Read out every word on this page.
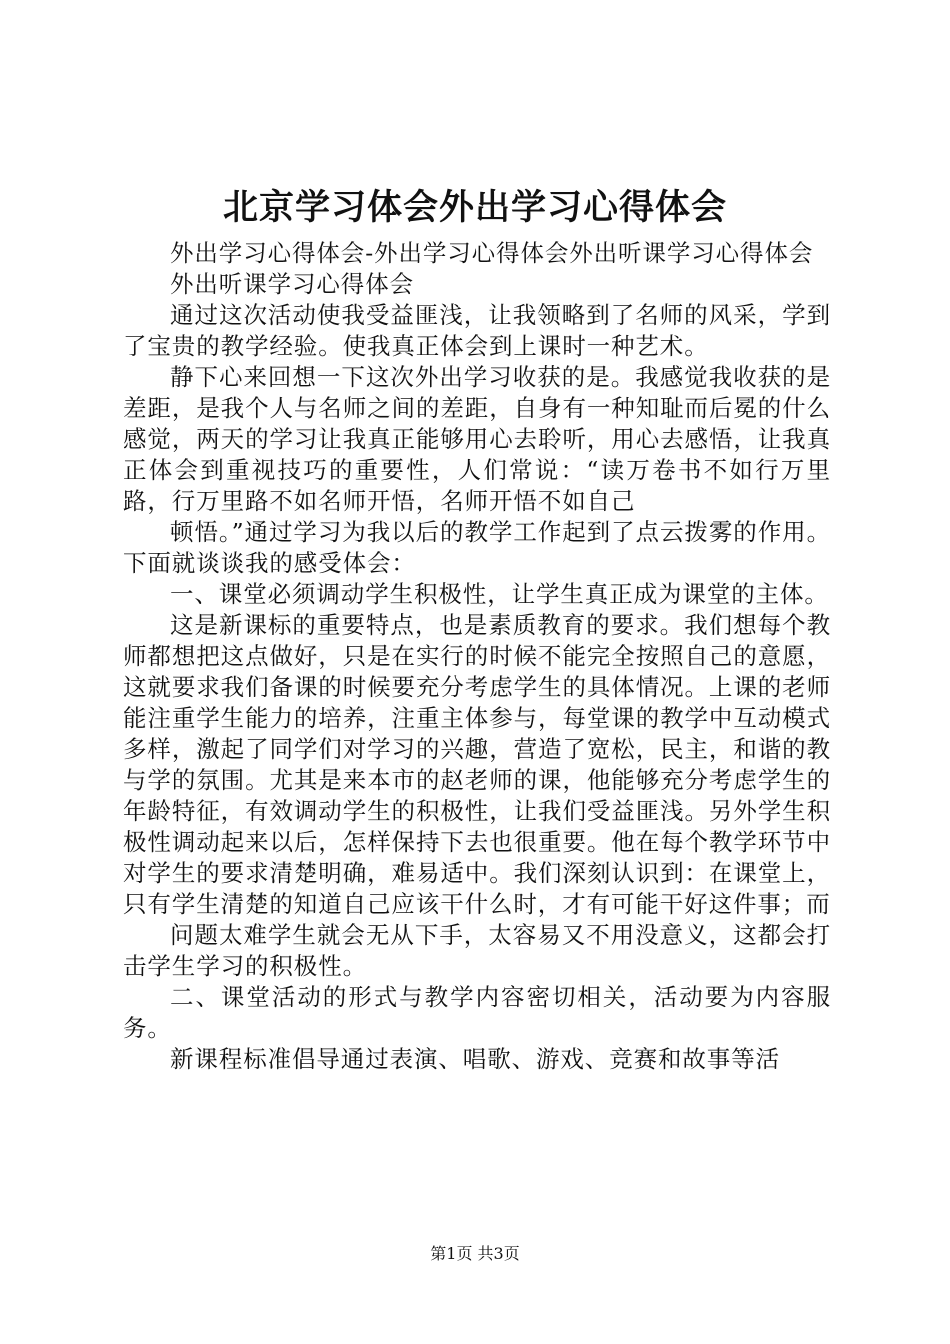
北京学习体会外出学习心得体会

外出学习心得体会-外出学习心得体会外出听课学习心得体会

外出听课学习心得体会

通过这次活动使我受益匪浅，让我领略到了名师的风采，学到了宝贵的教学经验。使我真正体会到上课时一种艺术。

静下心来回想一下这次外出学习收获的是。我感觉我收获的是差距，是我个人与名师之间的差距，自身有一种知耻而后冕的什么感觉，两天的学习让我真正能够用心去聆听，用心去感悟，让我真正体会到重视技巧的重要性，人们常说：“读万卷书不如行万里路，行万里路不如名师开悟，名师开悟不如自己

顿悟。”通过学习为我以后的教学工作起到了点云拨雾的作用。下面就谈谈我的感受体会：

一、课堂必须调动学生积极性，让学生真正成为课堂的主体。

这是新课标的重要特点，也是素质教育的要求。我们想每个教师都想把这点做好，只是在实行的时候不能完全按照自己的意愿，这就要求我们备课的时候要充分考虑学生的具体情况。上课的老师能注重学生能力的培养，注重主体参与，每堂课的教学中互动模式多样，激起了同学们对学习的兴趣，营造了宽松，民主，和谐的教与学的氛围。尤其是来本市的赵老师的课，他能够充分考虑学生的年龄特征，有效调动学生的积极性，让我们受益匪浅。另外学生积极性调动起来以后，怎样保持下去也很重要。他在每个教学环节中对学生的要求清楚明确，难易适中。我们深刻认识到：在课堂上，只有学生清楚的知道自己应该干什么时，才有可能干好这件事；而

问题太难学生就会无从下手，太容易又不用没意义，这都会打击学生学习的积极性。

二、课堂活动的形式与教学内容密切相关，活动要为内容服务。

新课程标准倡导通过表演、唱歌、游戏、竞赛和故事等活

第1页 共3页
